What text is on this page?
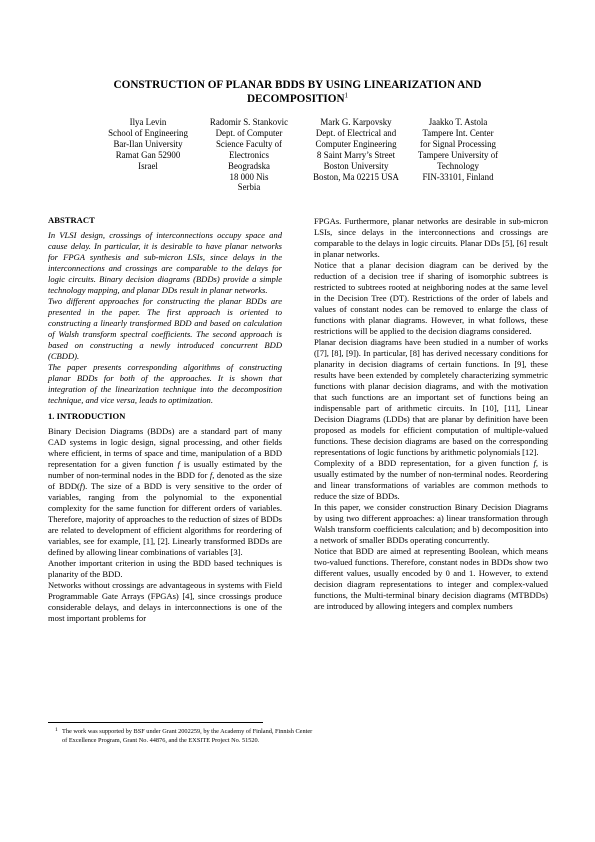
CONSTRUCTION OF PLANAR BDDS BY USING LINEARIZATION AND
DECOMPOSITION$^1$
Ilya Levin
School of Engineering
Bar-Ilan University
Ramat Gan 52900
Israel
Radomir S. Stankovic
Dept. of Computer
Science Faculty of
Electronics
Beogradska
18 000 Nis
Serbia
Mark G. Karpovsky
Dept. of Electrical and
Computer Engineering
8 Saint Marry’s Street
Boston University
Boston, Ma 02215 USA
Jaakko T. Astola
Tampere Int. Center
for Signal Processing
Tampere University of
Technology
FIN-33101, Finland

ABSTRACT

In VLSI design, crossings of interconnections occupy space and cause delay. In particular, it is desirable to have planar networks for FPGA synthesis and sub-micron LSIs, since delays in the interconnections and crossings are comparable to the delays for logic circuits. Binary decision diagrams (BDDs) provide a simple technology mapping, and planar DDs result in planar networks.

Two different approaches for constructing the planar BDDs are presented in the paper. The first approach is oriented to constructing a linearly transformed BDD and based on calculation of Walsh transform spectral coefficients. The second approach is based on constructing a newly introduced concurrent BDD (CBDD).

The paper presents corresponding algorithms of constructing planar BDDs for both of the approaches. It is shown that integration of the linearization technique into the decomposition technique, and vice versa, leads to optimization.

1. INTRODUCTION

Binary Decision Diagrams (BDDs) are a standard part of many CAD systems in logic design, signal processing, and other fields where efficient, in terms of space and time, manipulation of a BDD representation for a given function f is usually estimated by the number of non-terminal nodes in the BDD for f, denoted as the size of BDD(f). The size of a BDD is very sensitive to the order of variables, ranging from the polynomial to the exponential complexity for the same function for different orders of variables. Therefore, majority of approaches to the reduction of sizes of BDDs are related to development of efficient algorithms for reordering of variables, see for example, [1], [2]. Linearly transformed BDDs are defined by allowing linear combinations of variables [3].

Another important criterion in using the BDD based techniques is planarity of the BDD.

Networks without crossings are advantageous in systems with Field Programmable Gate Arrays (FPGAs) [4], since crossings produce considerable delays, and delays in interconnections is one of the most important problems for

FPGAs. Furthermore, planar networks are desirable in sub-micron LSIs, since delays in the interconnections and crossings are comparable to the delays in logic circuits. Planar DDs [5], [6] result in planar networks.

Notice that a planar decision diagram can be derived by the reduction of a decision tree if sharing of isomorphic subtrees is restricted to subtrees rooted at neighboring nodes at the same level in the Decision Tree (DT). Restrictions of the order of labels and values of constant nodes can be removed to enlarge the class of functions with planar diagrams. However, in what follows, these restrictions will be applied to the decision diagrams considered.

Planar decision diagrams have been studied in a number of works ([7], [8], [9]). In particular, [8] has derived necessary conditions for planarity in decision diagrams of certain functions. In [9], these results have been extended by completely characterizing symmetric functions with planar decision diagrams, and with the motivation that such functions are an important set of functions being an indispensable part of arithmetic circuits. In [10], [11], Linear Decision Diagrams (LDDs) that are planar by definition have been proposed as models for efficient computation of multiple-valued functions. These decision diagrams are based on the corresponding representations of logic functions by arithmetic polynomials [12].

Complexity of a BDD representation, for a given function f, is usually estimated by the number of non-terminal nodes. Reordering and linear transformations of variables are common methods to reduce the size of BDDs.

In this paper, we consider construction Binary Decision Diagrams by using two different approaches: a) linear transformation through Walsh transform coefficients calculation; and b) decomposition into a network of smaller BDDs operating concurrently.

Notice that BDD are aimed at representing Boolean, which means two-valued functions. Therefore, constant nodes in BDDs show two different values, usually encoded by 0 and 1. However, to extend decision diagram representations to integer and complex-valued functions, the Multi-terminal binary decision diagrams (MTBDDs) are introduced by allowing integers and complex numbers

1 The work was supported by BSF under Grant 2002259, by the Academy of Finland, Finnish Center
of Excellence Program, Grant No. 44876, and the EXSITE Project No. 51520.
